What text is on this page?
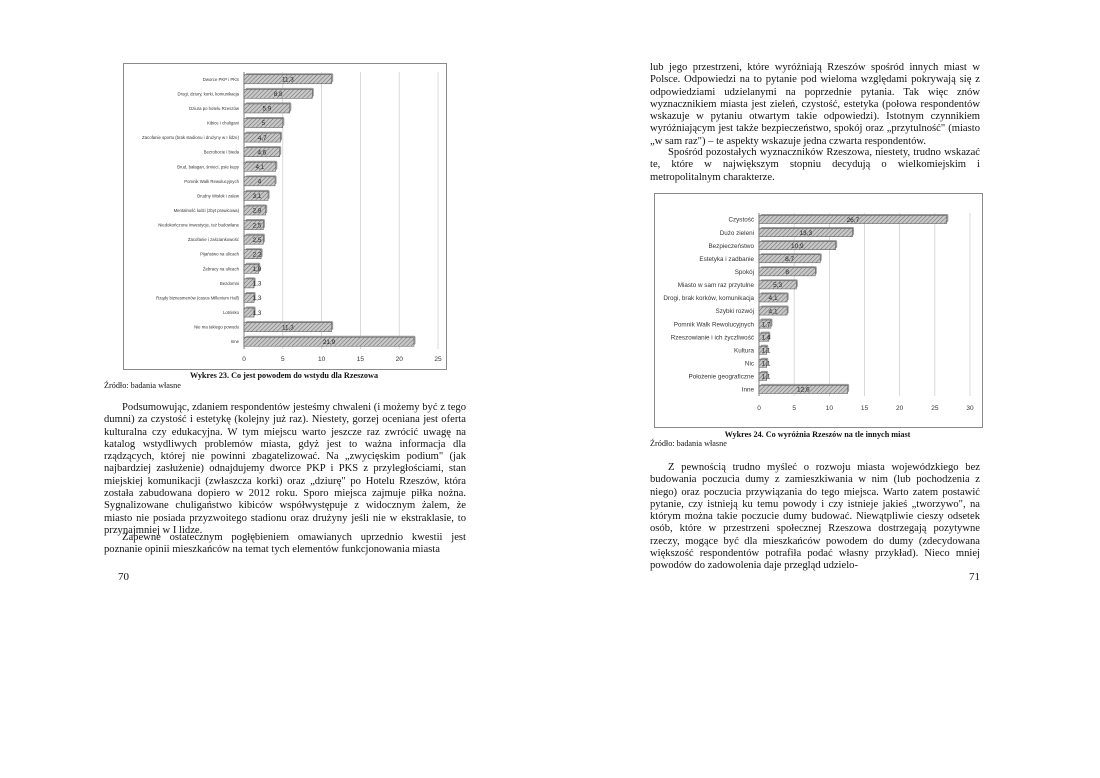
0	5	10	15	20	25
Dworce PKP i PKS	11,3
Drogi, dziury, korki, komunikacja	8,8
Dziura po hotelu Rzeszów	5,9
Kibice i chuligani	5
Zacofanie sportu (brak stadionu i drużyny w I lidze)	4,7
Bezrobocie i bieda	4,6
Brud, bałagan, śmieci, psie kupy	4,1
Pomnik Walk Rewolucyjnych	4
Brudny Wisłok i zalew 3,1
Mentalność ludzi (zbyt prawicowa) 2,8
Niedokończone inwestycje, też budowlane 2,5
Zacofanie i zaściankowość 2,5
Pijaństwo na ulicach 2,2
Żebracy na ulicach 1,9
Bezdomni 1,3
Rządy biznesmenów (casus Millenium Hall) 1,3
Lotnisko 1,3
Nie ma takiego powodu	11,3
Inne	21,9
Wykres 23. Co jest powodem do wstydu dla Rzeszowa
Źródło: badania własne

Podsumowując, zdaniem respondentów jesteśmy chwaleni (i możemy być z tego dumni) za czystość i estetykę (kolejny już raz). Niestety, gorzej oceniana jest oferta kulturalna czy edukacyjna. W tym miejscu warto jeszcze raz zwrócić uwagę na katalog wstydliwych problemów miasta, gdyż jest to ważna informacja dla rządzących, której nie powinni zbagatelizować. Na „zwycięskim podium" (jak najbardziej zasłużenie) odnajdujemy dworce PKP i PKS z przyległościami, stan miejskiej komunikacji (zwłaszcza korki) oraz „dziurę" po Hotelu Rzeszów, która została zabudowana dopiero w 2012 roku. Sporo miejsca zajmuje piłka nożna. Sygnalizowane chuligaństwo kibiców współwystępuje z widocznym żalem, że miasto nie posiada przyzwoitego stadionu oraz drużyny jeśli nie w ekstraklasie, to przynajmniej w I lidze.

Zapewne ostatecznym pogłębieniem omawianych uprzednio kwestii jest poznanie opinii mieszkańców na temat tych elementów funkcjonowania miasta

70

lub jego przestrzeni, które wyróżniają Rzeszów spośród innych miast w Polsce. Odpowiedzi na to pytanie pod wieloma względami pokrywają się z odpowiedziami udzielanymi na poprzednie pytania. Tak więc znów wyznacznikiem miasta jest zieleń, czystość, estetyka (połowa respondentów wskazuje w pytaniu otwartym takie odpowiedzi). Istotnym czynnikiem wyróżniającym jest także bezpieczeństwo, spokój oraz „przytulność" (miasto „w sam raz") – te aspekty wskazuje jedna czwarta respondentów.

Spośród pozostałych wyznaczników Rzeszowa, niestety, trudno wskazać te, które w największym stopniu decydują o wielkomiejskim i metropolitalnym charakterze.

0	5	10	15	20	25	30
Czystość	26,7
Dużo zieleni	13,3
Bezpieczeństwo	10,9
Estetyka i zadbanie	8,7
Spokój	8
Miasto w sam raz przytulne	5,3
Drogi, brak korków, komunikacja 4,1
Szybki rozwój 4,1
Pomnik Walk Rewolucyjnych 1,7
Rzeszowianie i ich życzliwość 1,4
Kultura 1,1
Nic 1,1
Położenie geograficzne 1,1
Inne	12,6
Wykres 24. Co wyróżnia Rzeszów na tle innych miast
Źródło: badania własne

Z pewnością trudno myśleć o rozwoju miasta wojewódzkiego bez budowania poczucia dumy z zamieszkiwania w nim (lub pochodzenia z niego) oraz poczucia przywiązania do tego miejsca. Warto zatem postawić pytanie, czy istnieją ku temu powody i czy istnieje jakieś „tworzywo", na którym można takie poczucie dumy budować. Niewątpliwie cieszy odsetek osób, które w przestrzeni społecznej Rzeszowa dostrzegają pozytywne rzeczy, mogące być dla mieszkańców powodem do dumy (zdecydowana większość respondentów potrafiła podać własny przykład). Nieco mniej powodów do zadowolenia daje przegląd udzielo-

71
